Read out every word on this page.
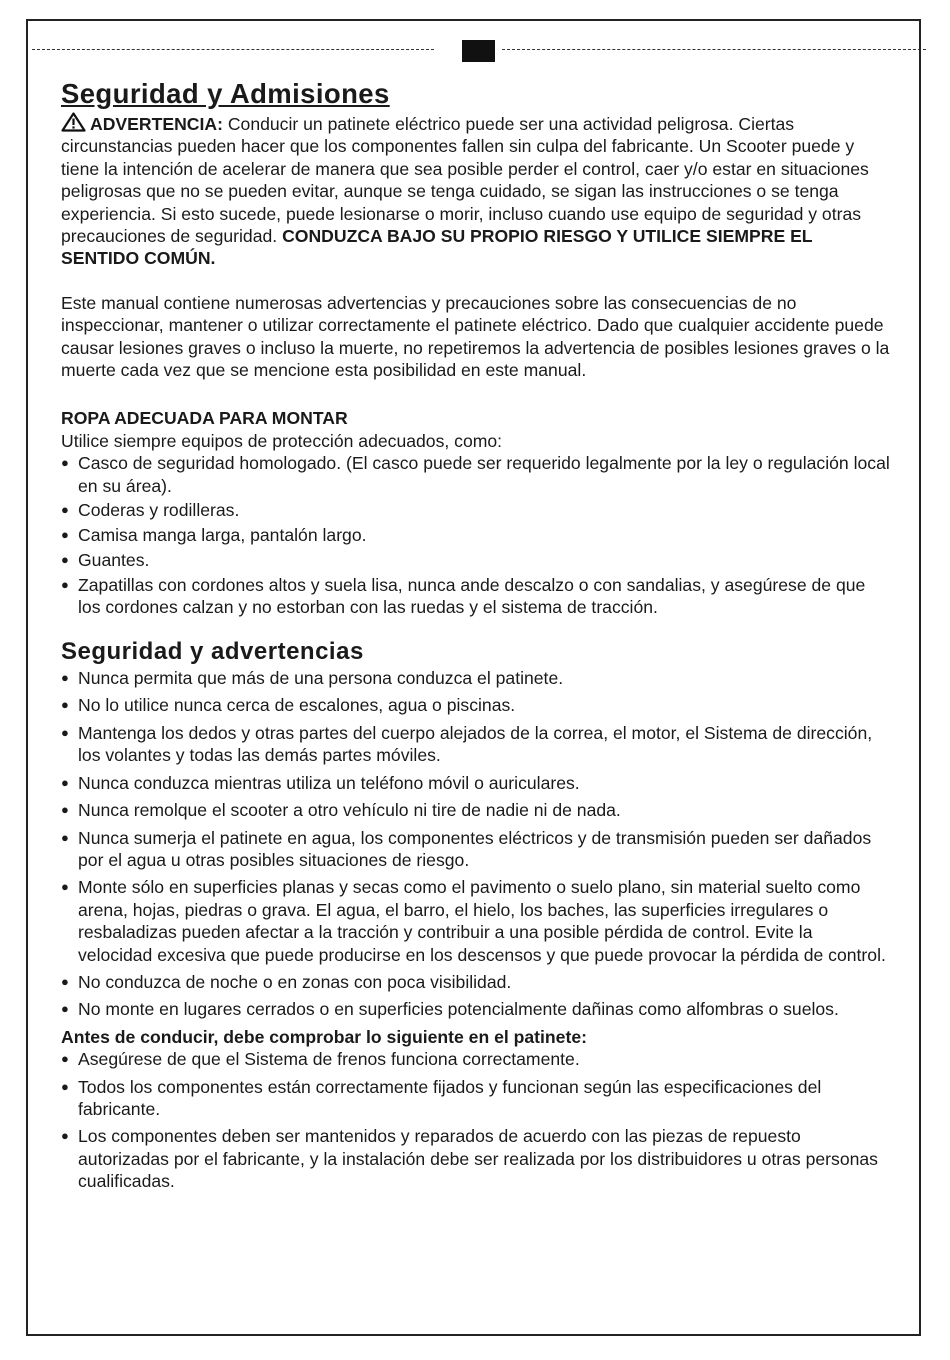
Seguridad y Admisiones

ADVERTENCIA: Conducir un patinete eléctrico puede ser una actividad peligrosa. Ciertas circunstancias pueden hacer que los componentes fallen sin culpa del fabricante. Un Scooter puede y tiene la intención de acelerar de manera que sea posible perder el control, caer y/o estar en situaciones peligrosas que no se pueden evitar, aunque se tenga cuidado, se sigan las instrucciones o se tenga experiencia. Si esto sucede, puede lesionarse o morir, incluso cuando use equipo de seguridad y otras precauciones de seguridad. CONDUZCA BAJO SU PROPIO RIESGO Y UTILICE SIEMPRE EL SENTIDO COMÚN.

Este manual contiene numerosas advertencias y precauciones sobre las consecuencias de no inspeccionar, mantener o utilizar correctamente el patinete eléctrico. Dado que cualquier accidente puede causar lesiones graves o incluso la muerte, no repetiremos la advertencia de posibles lesiones graves o la muerte cada vez que se mencione esta posibilidad en este manual.

ROPA ADECUADA PARA MONTAR

Utilice siempre equipos de protección adecuados, como:

● Casco de seguridad homologado. (El casco puede ser requerido legalmente por la ley o regulación local en su área).
● Coderas y rodilleras.
● Camisa manga larga, pantalón largo.
● Guantes.
● Zapatillas con cordones altos y suela lisa, nunca ande descalzo o con sandalias, y asegúrese de que los cordones calzan y no estorban con las ruedas y el sistema de tracción.
Seguridad y advertencias
● Nunca permita que más de una persona conduzca el patinete.
● No lo utilice nunca cerca de escalones, agua o piscinas.
● Mantenga los dedos y otras partes del cuerpo alejados de la correa, el motor, el Sistema de dirección, los volantes y todas las demás partes móviles.
● Nunca conduzca mientras utiliza un teléfono móvil o auriculares.
● Nunca remolque el scooter a otro vehículo ni tire de nadie ni de nada.
● Nunca sumerja el patinete en agua, los componentes eléctricos y de transmisión pueden ser dañados por el agua u otras posibles situaciones de riesgo.
● Monte sólo en superficies planas y secas como el pavimento o suelo plano, sin material suelto como arena, hojas, piedras o grava. El agua, el barro, el hielo, los baches, las superficies irregulares o resbaladizas pueden afectar a la tracción y contribuir a una posible pérdida de control. Evite la velocidad excesiva que puede producirse en los descensos y que puede provocar la pérdida de control.
● No conduzca de noche o en zonas con poca visibilidad.
● No monte en lugares cerrados o en superficies potencialmente dañinas como alfombras o suelos.

Antes de conducir, debe comprobar lo siguiente en el patinete:

● Asegúrese de que el Sistema de frenos funciona correctamente.
● Todos los componentes están correctamente fijados y funcionan según las especificaciones del fabricante.
● Los componentes deben ser mantenidos y reparados de acuerdo con las piezas de repuesto autorizadas por el fabricante, y la instalación debe ser realizada por los distribuidores u otras personas cualificadas.
